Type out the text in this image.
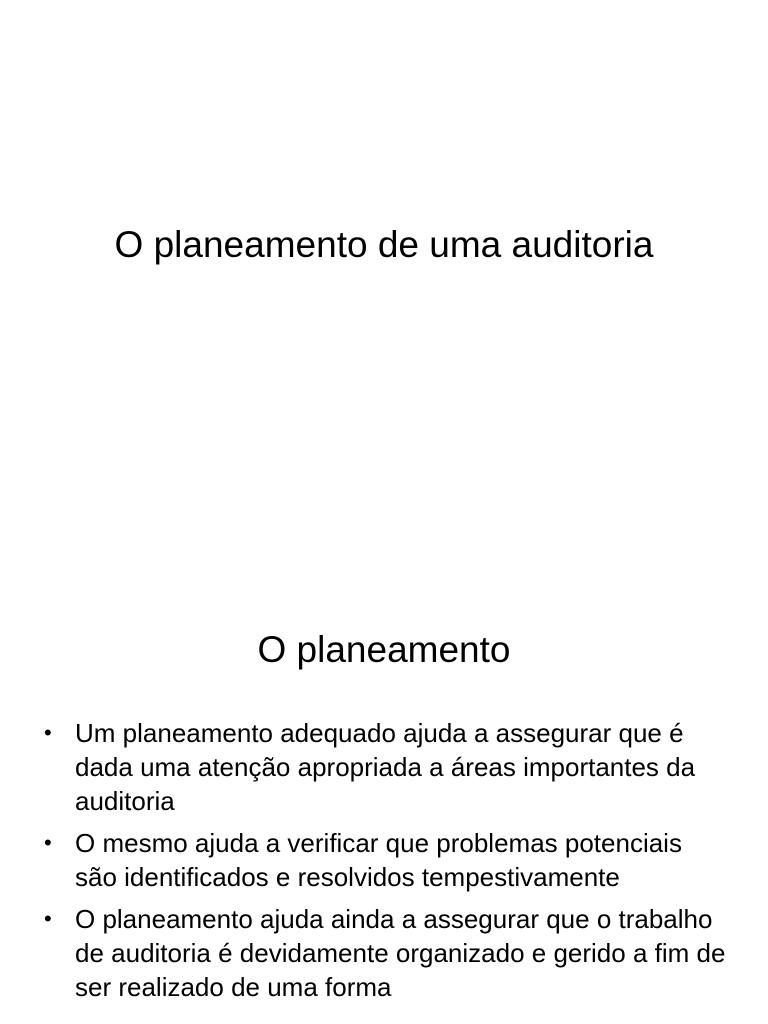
O planeamento de uma auditoria
O planeamento
• Um planeamento adequado ajuda a assegurar que é dada uma atenção apropriada a áreas importantes da auditoria
• O mesmo ajuda a verificar que problemas potenciais são identificados e resolvidos tempestivamente
• O planeamento ajuda ainda a assegurar que o trabalho de auditoria é devidamente organizado e gerido a fim de ser realizado de uma forma
